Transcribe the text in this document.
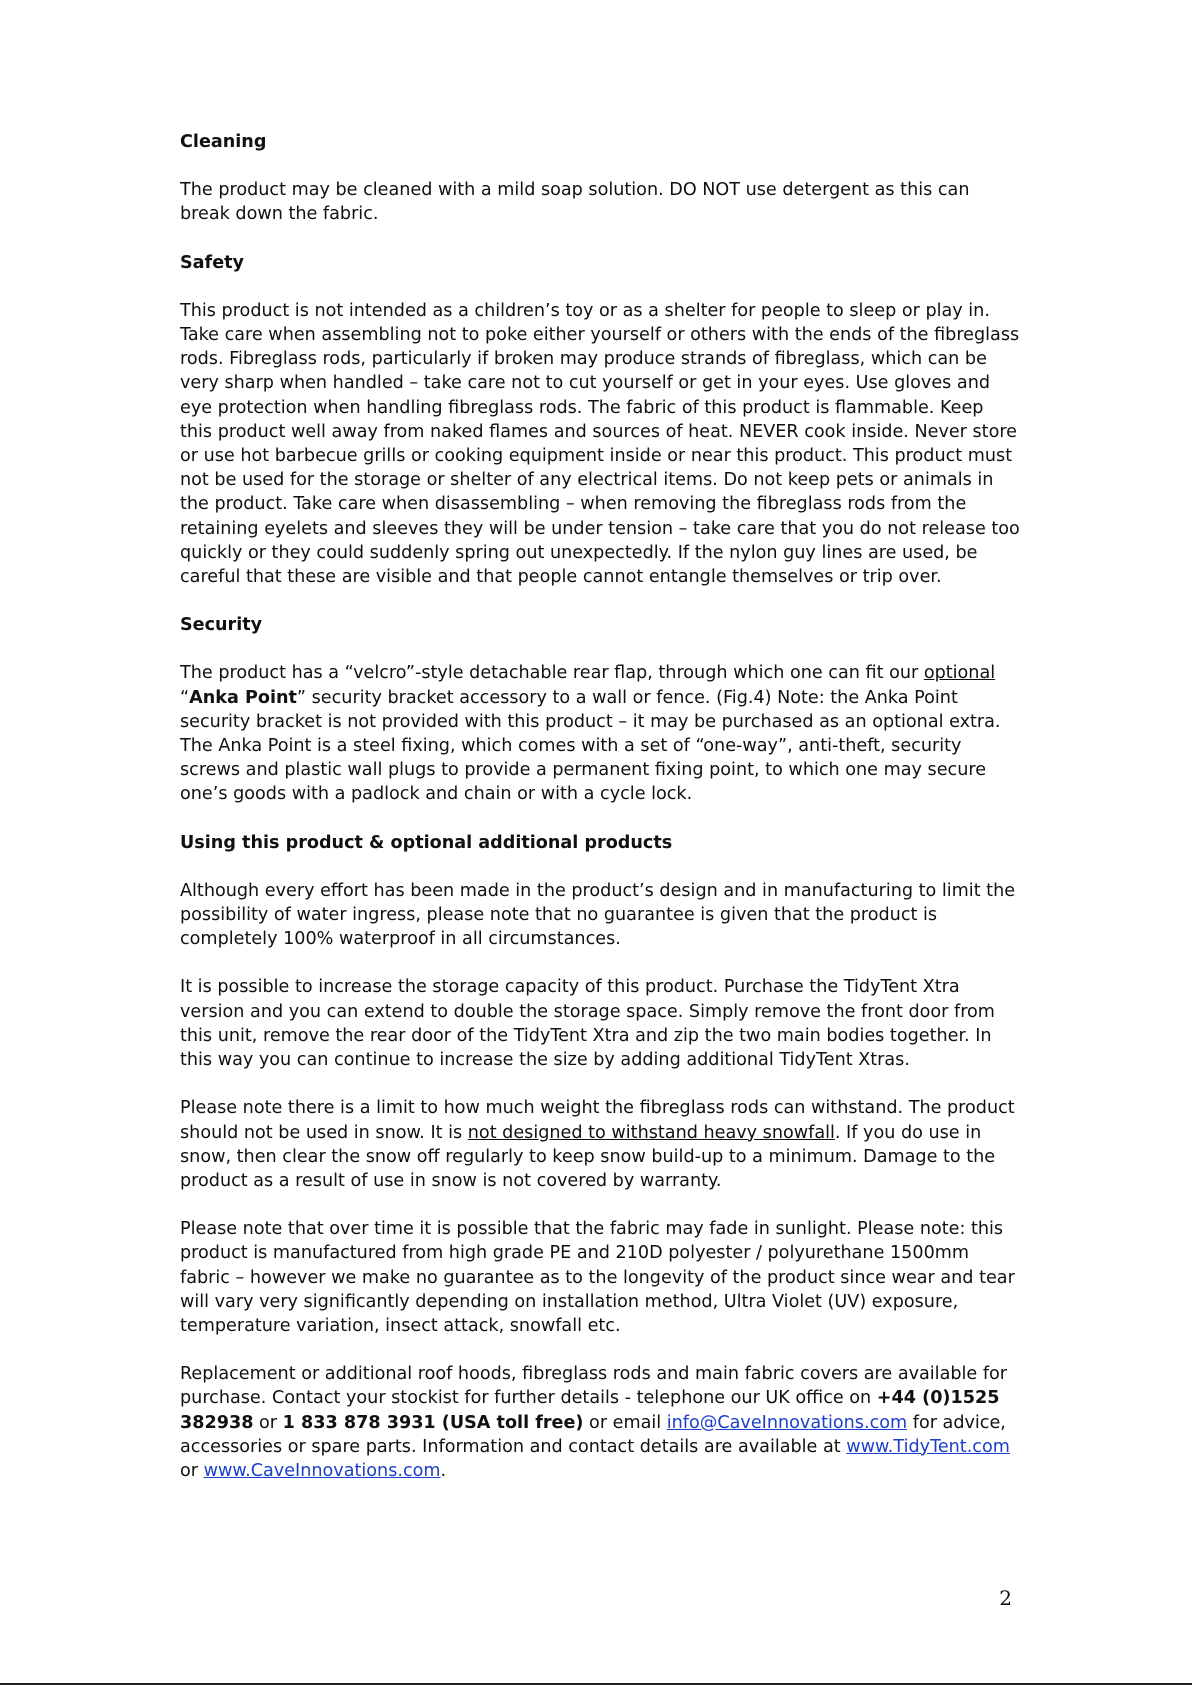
Cleaning

The product may be cleaned with a mild soap solution. DO NOT use detergent as this can break down the fabric.

Safety

This product is not intended as a children’s toy or as a shelter for people to sleep or play in. Take care when assembling not to poke either yourself or others with the ends of the fibreglass rods. Fibreglass rods, particularly if broken may produce strands of fibreglass, which can be very sharp when handled – take care not to cut yourself or get in your eyes. Use gloves and eye protection when handling fibreglass rods. The fabric of this product is flammable. Keep this product well away from naked flames and sources of heat. NEVER cook inside. Never store or use hot barbecue grills or cooking equipment inside or near this product. This product must not be used for the storage or shelter of any electrical items. Do not keep pets or animals in the product. Take care when disassembling – when removing the fibreglass rods from the retaining eyelets and sleeves they will be under tension – take care that you do not release too quickly or they could suddenly spring out unexpectedly. If the nylon guy lines are used, be careful that these are visible and that people cannot entangle themselves or trip over.

Security

The product has a “velcro”-style detachable rear flap, through which one can fit our optional “Anka Point” security bracket accessory to a wall or fence. (Fig.4) Note: the Anka Point security bracket is not provided with this product – it may be purchased as an optional extra. The Anka Point is a steel fixing, which comes with a set of “one-way”, anti-theft, security screws and plastic wall plugs to provide a permanent fixing point, to which one may secure one’s goods with a padlock and chain or with a cycle lock.

Using this product & optional additional products

Although every effort has been made in the product’s design and in manufacturing to limit the possibility of water ingress, please note that no guarantee is given that the product is completely 100% waterproof in all circumstances.

It is possible to increase the storage capacity of this product. Purchase the TidyTent Xtra version and you can extend to double the storage space. Simply remove the front door from this unit, remove the rear door of the TidyTent Xtra and zip the two main bodies together. In this way you can continue to increase the size by adding additional TidyTent Xtras.

Please note there is a limit to how much weight the fibreglass rods can withstand. The product should not be used in snow. It is not designed to withstand heavy snowfall. If you do use in snow, then clear the snow off regularly to keep snow build-up to a minimum. Damage to the product as a result of use in snow is not covered by warranty.

Please note that over time it is possible that the fabric may fade in sunlight. Please note: this product is manufactured from high grade PE and 210D polyester / polyurethane 1500mm fabric – however we make no guarantee as to the longevity of the product since wear and tear will vary very significantly depending on installation method, Ultra Violet (UV) exposure, temperature variation, insect attack, snowfall etc.

Replacement or additional roof hoods, fibreglass rods and main fabric covers are available for purchase. Contact your stockist for further details - telephone our UK office on +44 (0)1525 382938 or 1 833 878 3931 (USA toll free) or email info@CaveInnovations.com for advice, accessories or spare parts. Information and contact details are available at www.TidyTent.com or www.CaveInnovations.com.

2
